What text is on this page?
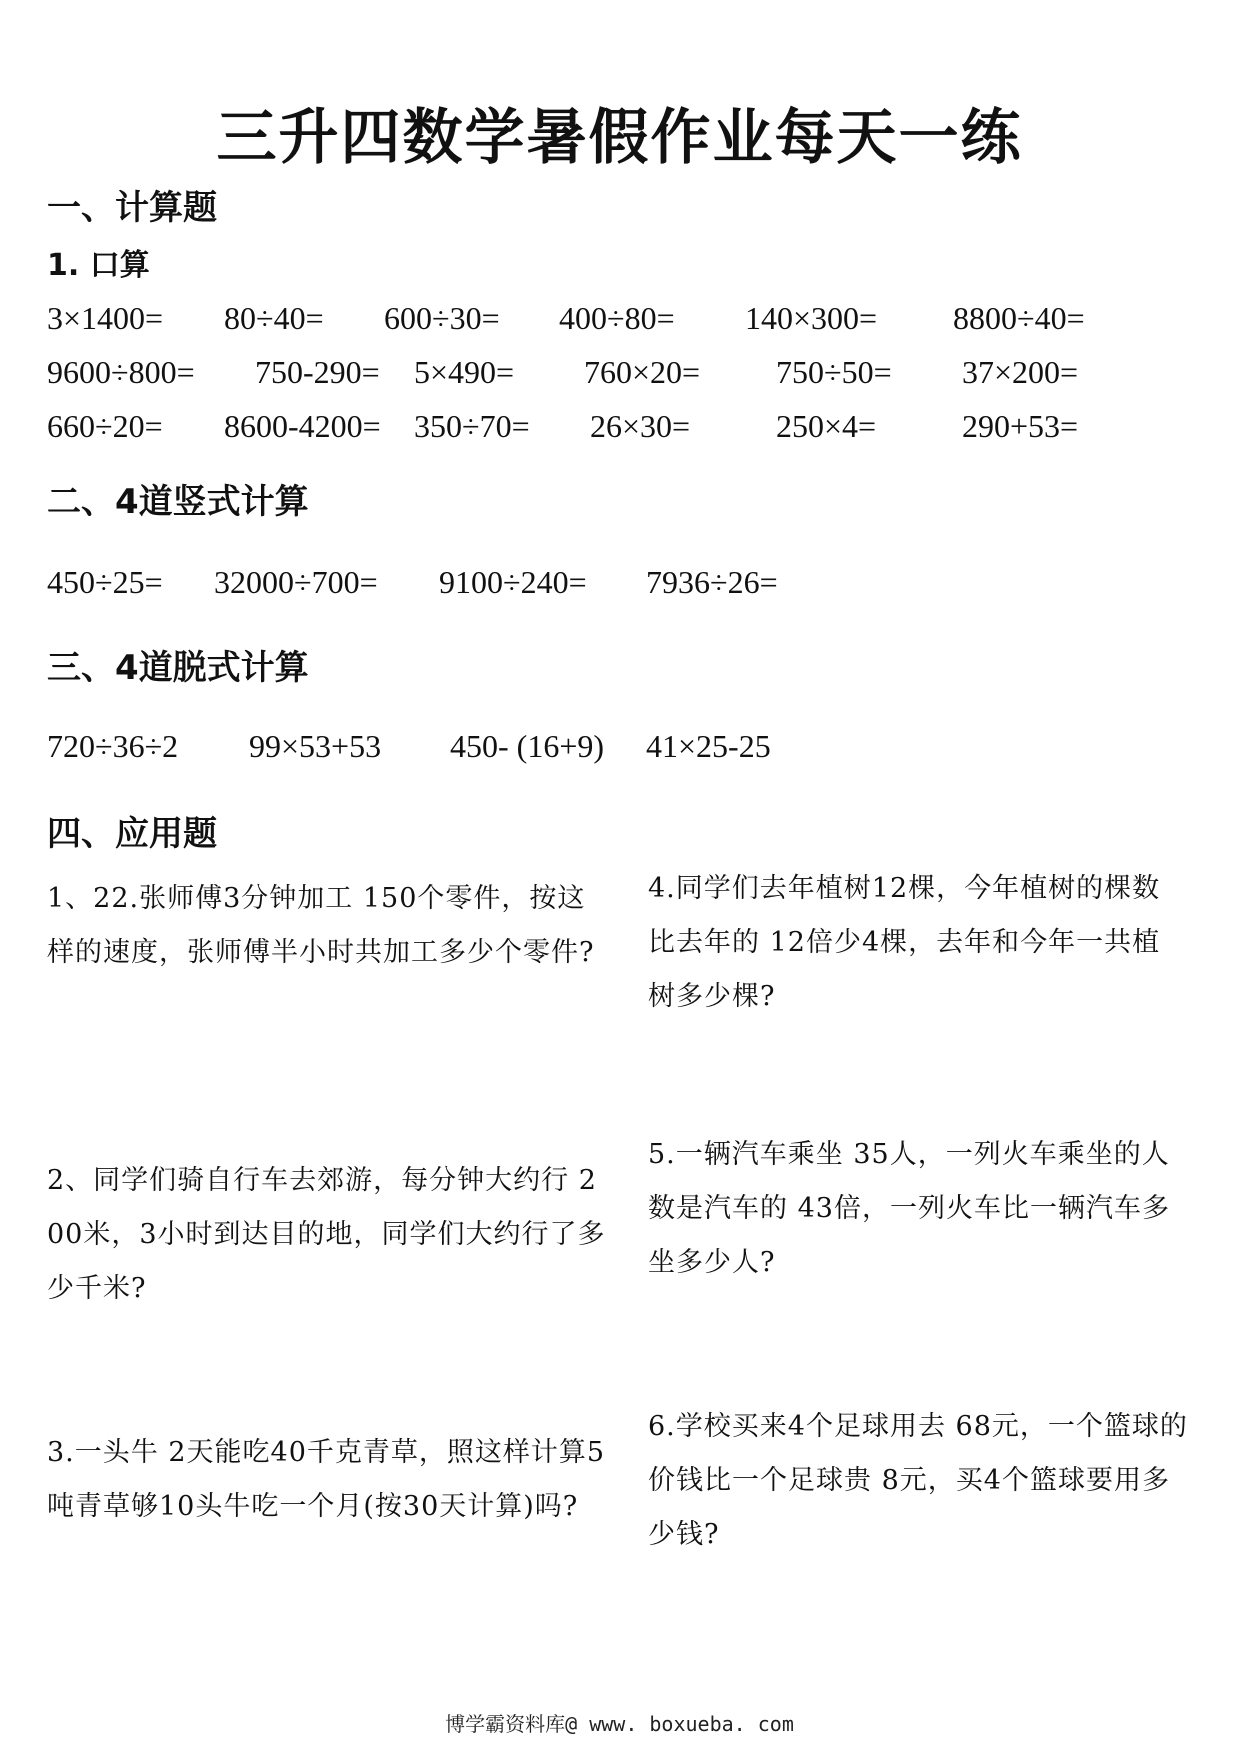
三升四数学暑假作业每天一练
一、计算题
1. 口算
3×1400= 80÷40= 600÷30= 400÷80= 140×300= 8800÷40=
9600÷800= 750-290= 5×490= 760×20= 750÷50= 37×200=
660÷20= 8600-4200= 350÷70= 26×30=	250×4=	290+53=
二、4道竖式计算
450÷25= 32000÷700= 9100÷240= 7936÷26=
三、4道脱式计算
720÷36÷2 99×53+53 450- (16+9) 41×25-25
四、应用题
1、22.张师傅3分钟加工 150个零件，按这样的速度，张师傅半小时共加工多少个零件?
4.同学们去年植树12棵，今年植树的棵数比去年的 12倍少4棵，去年和今年一共植树多少棵?
2、同学们骑自行车去郊游，每分钟大约行 200米，3小时到达目的地，同学们大约行了多少千米?
5.一辆汽车乘坐 35人，一列火车乘坐的人数是汽车的 43倍，一列火车比一辆汽车多坐多少人?
3.一头牛 2天能吃40千克青草，照这样计算5吨青草够10头牛吃一个月(按30天计算)吗?
6.学校买来4个足球用去 68元，一个篮球的价钱比一个足球贵 8元，买4个篮球要用多少钱?
博学霸资料库@ www. boxueba. com
